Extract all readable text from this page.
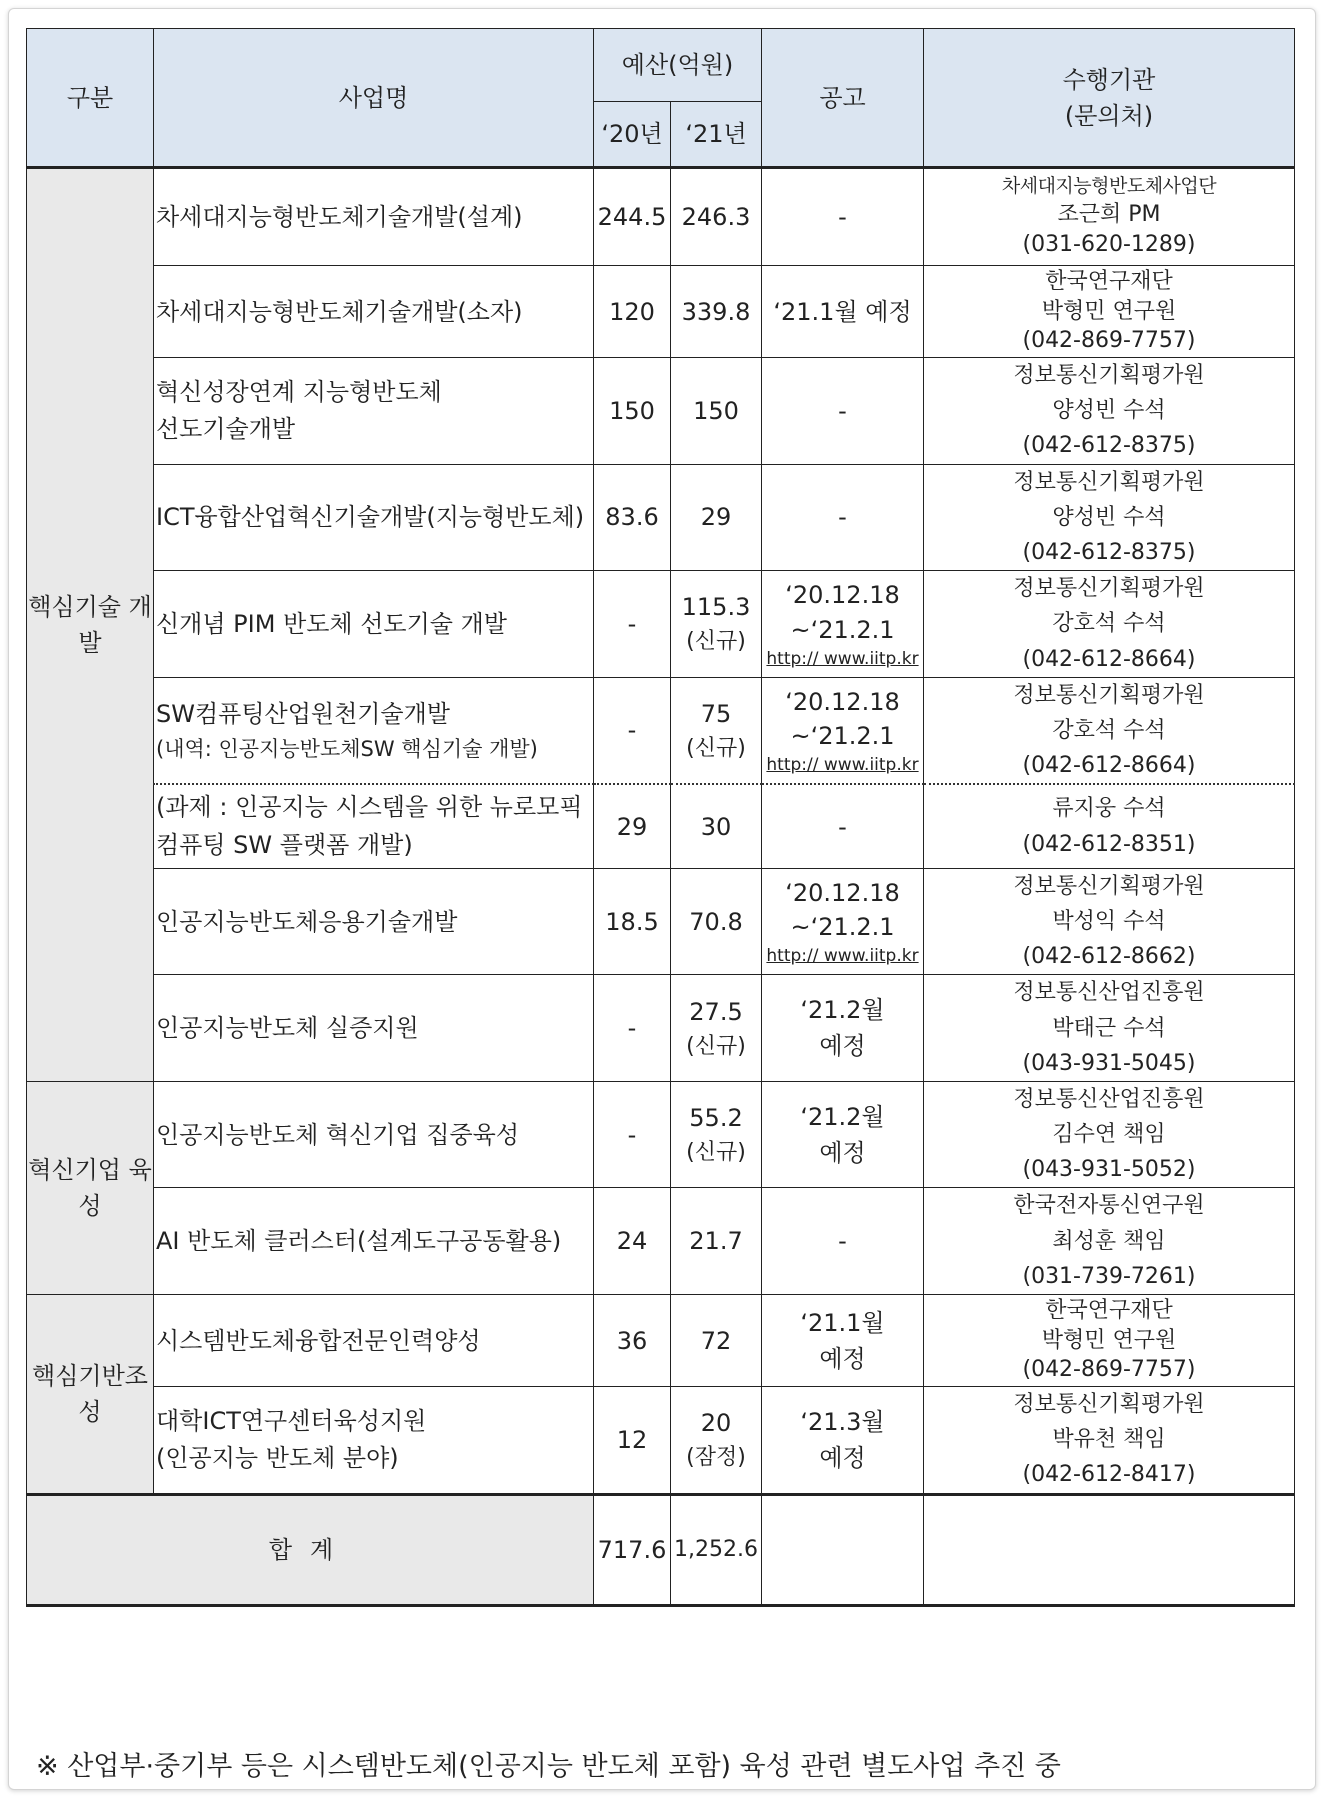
구분	사업명	예산(억원)		공고	수행기관
(문의처)

		‘20년	‘21년		
핵심기술 개발	차세대지능형반도체기술개발(설계)	244.5	246.3	-	차세대지능형반도체사업단
조근희 PM
(031-620-1289)

	차세대지능형반도체기술개발(소자)	120	339.8	‘21.1월 예정	한국연구재단
박형민 연구원
(042-869-7757)

	혁신성장연계 지능형반도체
선도기술개발	150	150	-	정보통신기획평가원
양성빈 수석
(042-612-8375)

	ICT융합산업혁신기술개발(지능형반도체)	83.6	29	-	정보통신기획평가원
양성빈 수석
(042-612-8375)

	신개념 PIM 반도체 선도기술 개발	-	115.3
(신규)	‘20.12.18
~‘21.2.1
http:// www.iitp.kr	정보통신기획평가원
강호석 수석
(042-612-8664)

	SW컴퓨팅산업원천기술개발
(내역: 인공지능반도체SW 핵심기술 개발)	-	75
(신규)	‘20.12.18
~‘21.2.1
http:// www.iitp.kr	정보통신기획평가원
강호석 수석
(042-612-8664)

	(과제 : 인공지능 시스템을 위한 뉴로모픽
컴퓨팅 SW 플랫폼 개발)	29	30	-	류지웅 수석
(042-612-8351)

	인공지능반도체응용기술개발	18.5	70.8	‘20.12.18
~‘21.2.1
http:// www.iitp.kr	정보통신기획평가원
박성익 수석
(042-612-8662)

	인공지능반도체 실증지원	-	27.5
(신규)	‘21.2월
예정	정보통신산업진흥원
박태근 수석
(043-931-5045)

혁신기업 육성	인공지능반도체 혁신기업 집중육성	-	55.2
(신규)	‘21.2월
예정	정보통신산업진흥원
김수연 책임
(043-931-5052)

	AI 반도체 클러스터(설계도구공동활용)	24	21.7	-	한국전자통신연구원
최성훈 책임
(031-739-7261)

핵심기반조성	시스템반도체융합전문인력양성	36	72	‘21.1월
예정	한국연구재단
박형민 연구원
(042-869-7757)

	대학ICT연구센터육성지원
(인공지능 반도체 분야)	12	20
(잠정)	‘21.3월
예정	정보통신기획평가원
박유천 책임
(042-612-8417)

합계		717.6	1,252.6		
※ 산업부·중기부 등은 시스템반도체(인공지능 반도체 포함) 육성 관련 별도사업 추진 중
